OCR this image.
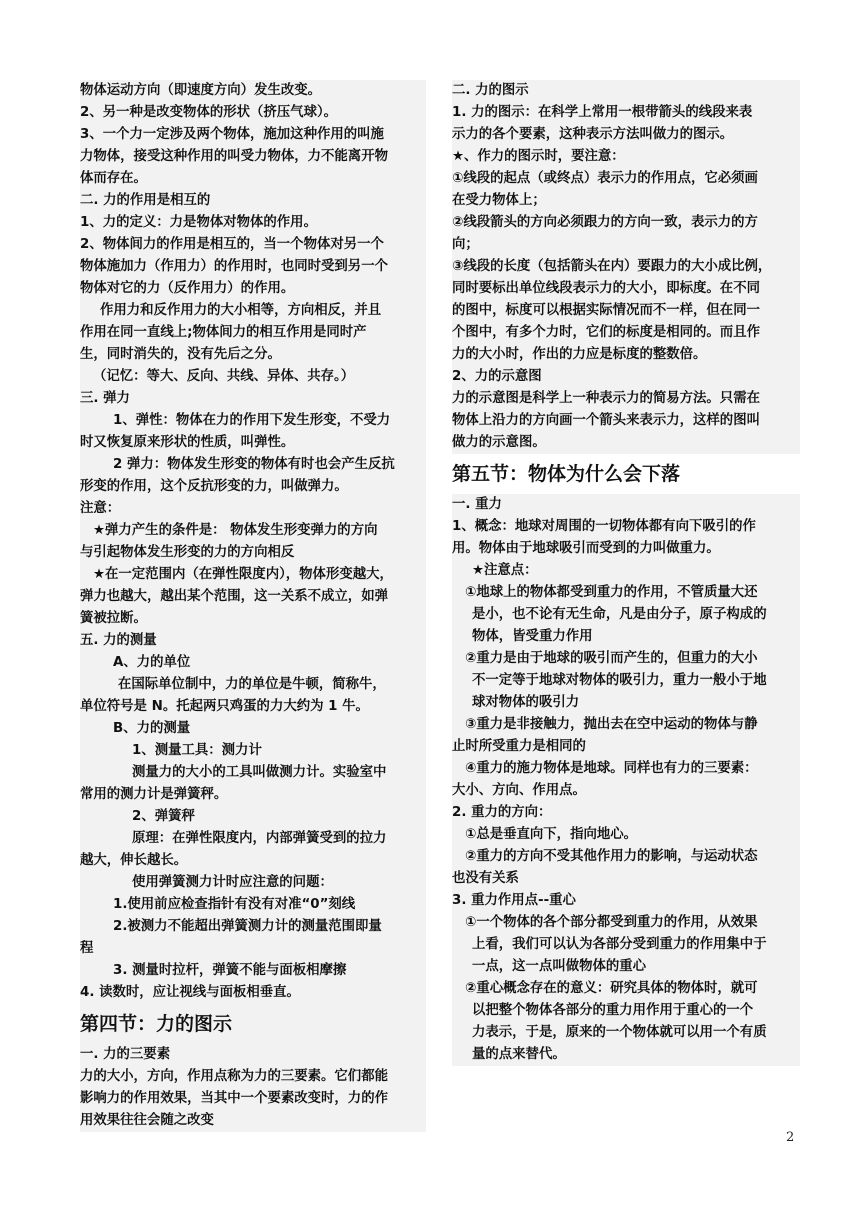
物体运动方向（即速度方向）发生改变。
2、另一种是改变物体的形状（挤压气球）。
3、一个力一定涉及两个物体，施加这种作用的叫施
力物体，接受这种作用的叫受力物体，力不能离开物
体而存在。
二. 力的作用是相互的
1、力的定义：力是物体对物体的作用。
2、物体间力的作用是相互的，当一个物体对另一个
物体施加力（作用力）的作用时，也同时受到另一个
物体对它的力（反作用力）的作用。
作用力和反作用力的大小相等，方向相反，并且
作用在同一直线上;物体间力的相互作用是同时产
生，同时消失的，没有先后之分。
（记忆：等大、反向、共线、异体、共存。）
三. 弹力
1、弹性：物体在力的作用下发生形变，不受力
时又恢复原来形状的性质，叫弹性。
2 弹力：物体发生形变的物体有时也会产生反抗
形变的作用，这个反抗形变的力，叫做弹力。
注意：
★弹力产生的条件是： 物体发生形变弹力的方向
与引起物体发生形变的力的方向相反
★在一定范围内（在弹性限度内），物体形变越大，
弹力也越大，越出某个范围，这一关系不成立，如弹
簧被拉断。
五. 力的测量
A、力的单位
在国际单位制中，力的单位是牛顿，简称牛，
单位符号是 N。托起两只鸡蛋的力大约为 1 牛。
B、力的测量
1、测量工具：测力计
测量力的大小的工具叫做测力计。实验室中
常用的测力计是弹簧秤。
2、弹簧秤
原理：在弹性限度内，内部弹簧受到的拉力
越大，伸长越长。
使用弹簧测力计时应注意的问题：
1.使用前应检查指针有没有对准“0”刻线
2.被测力不能超出弹簧测力计的测量范围即量
程
3. 测量时拉杆，弹簧不能与面板相摩擦
4. 读数时，应让视线与面板相垂直。
第四节：力的图示
一. 力的三要素
力的大小，方向，作用点称为力的三要素。它们都能
影响力的作用效果，当其中一个要素改变时，力的作
用效果往往会随之改变
二. 力的图示
1. 力的图示：在科学上常用一根带箭头的线段来表
示力的各个要素，这种表示方法叫做力的图示。
★、作力的图示时，要注意：
①线段的起点（或终点）表示力的作用点，它必须画
在受力物体上；
②线段箭头的方向必须跟力的方向一致，表示力的方
向；
③线段的长度（包括箭头在内）要跟力的大小成比例，
同时要标出单位线段表示力的大小，即标度。在不同
的图中，标度可以根据实际情况而不一样，但在同一
个图中，有多个力时，它们的标度是相同的。而且作
力的大小时，作出的力应是标度的整数倍。
2、力的示意图
力的示意图是科学上一种表示力的简易方法。只需在
物体上沿力的方向画一个箭头来表示力，这样的图叫
做力的示意图。
第五节：物体为什么会下落
一. 重力
1、概念：地球对周围的一切物体都有向下吸引的作
用。物体由于地球吸引而受到的力叫做重力。
★注意点：
①地球上的物体都受到重力的作用，不管质量大还
是小，也不论有无生命，凡是由分子，原子构成的
物体，皆受重力作用
②重力是由于地球的吸引而产生的，但重力的大小
不一定等于地球对物体的吸引力，重力一般小于地
球对物体的吸引力
③重力是非接触力，抛出去在空中运动的物体与静
止时所受重力是相同的
④重力的施力物体是地球。同样也有力的三要素：
大小、方向、作用点。
2. 重力的方向：
①总是垂直向下，指向地心。
②重力的方向不受其他作用力的影响，与运动状态
也没有关系
3. 重力作用点--重心
①一个物体的各个部分都受到重力的作用，从效果
上看，我们可以认为各部分受到重力的作用集中于
一点，这一点叫做物体的重心
②重心概念存在的意义：研究具体的物体时，就可
以把整个物体各部分的重力用作用于重心的一个
力表示，于是，原来的一个物体就可以用一个有质
量的点来替代。
2
